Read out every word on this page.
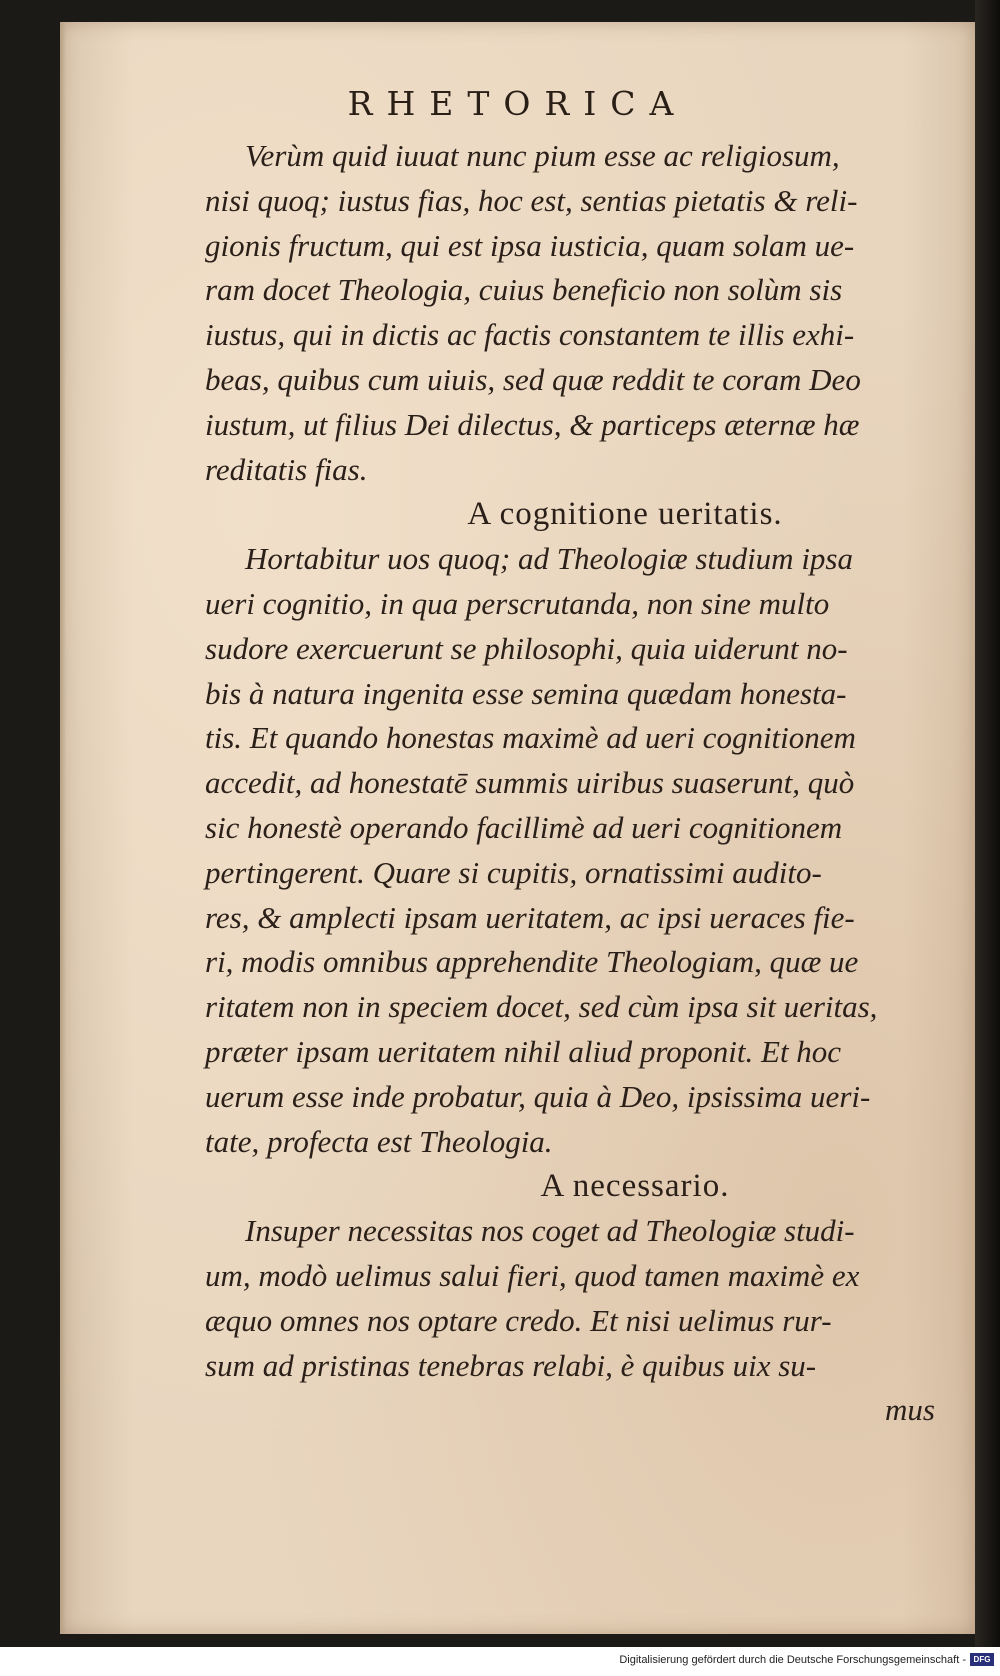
RHETORICA
Verùm quid iuuat nunc pium esse ac religiosum,
nisi quoq; iustus fias, hoc est, sentias pietatis & reli-
gionis fructum, qui est ipsa iusticia, quam solam ue-
ram docet Theologia, cuius beneficio non solùm sis
iustus, qui in dictis ac factis constantem te illis exhi-
beas, quibus cum uiuis, sed quæ reddit te coram Deo
iustum, ut filius Dei dilectus, & particeps æternæ hæ
reditatis fias.
A cognitione ueritatis.
Hortabitur uos quoq; ad Theologiæ studium ipsa
ueri cognitio, in qua perscrutanda, non sine multo
sudore exercuerunt se philosophi, quia uiderunt no-
bis à natura ingenita esse semina quædam honesta-
tis. Et quando honestas maximè ad ueri cognitionem
accedit, ad honestatē summis uiribus suaserunt, quò
sic honestè operando facillimè ad ueri cognitionem
pertingerent. Quare si cupitis, ornatissimi audito-
res, & amplecti ipsam ueritatem, ac ipsi ueraces fie-
ri, modis omnibus apprehendite Theologiam, quæ ue
ritatem non in speciem docet, sed cùm ipsa sit ueritas,
præter ipsam ueritatem nihil aliud proponit. Et hoc
uerum esse inde probatur, quia à Deo, ipsissima ueri-
tate, profecta est Theologia.
A necessario.
Insuper necessitas nos coget ad Theologiæ studi-
um, modò uelimus salui fieri, quod tamen maximè ex
æquo omnes nos optare credo. Et nisi uelimus rur-
sum ad pristinas tenebras relabi, è quibus uix su-
mus
Digitalisierung gefördert durch die Deutsche Forschungsgemeinschaft - DFG
